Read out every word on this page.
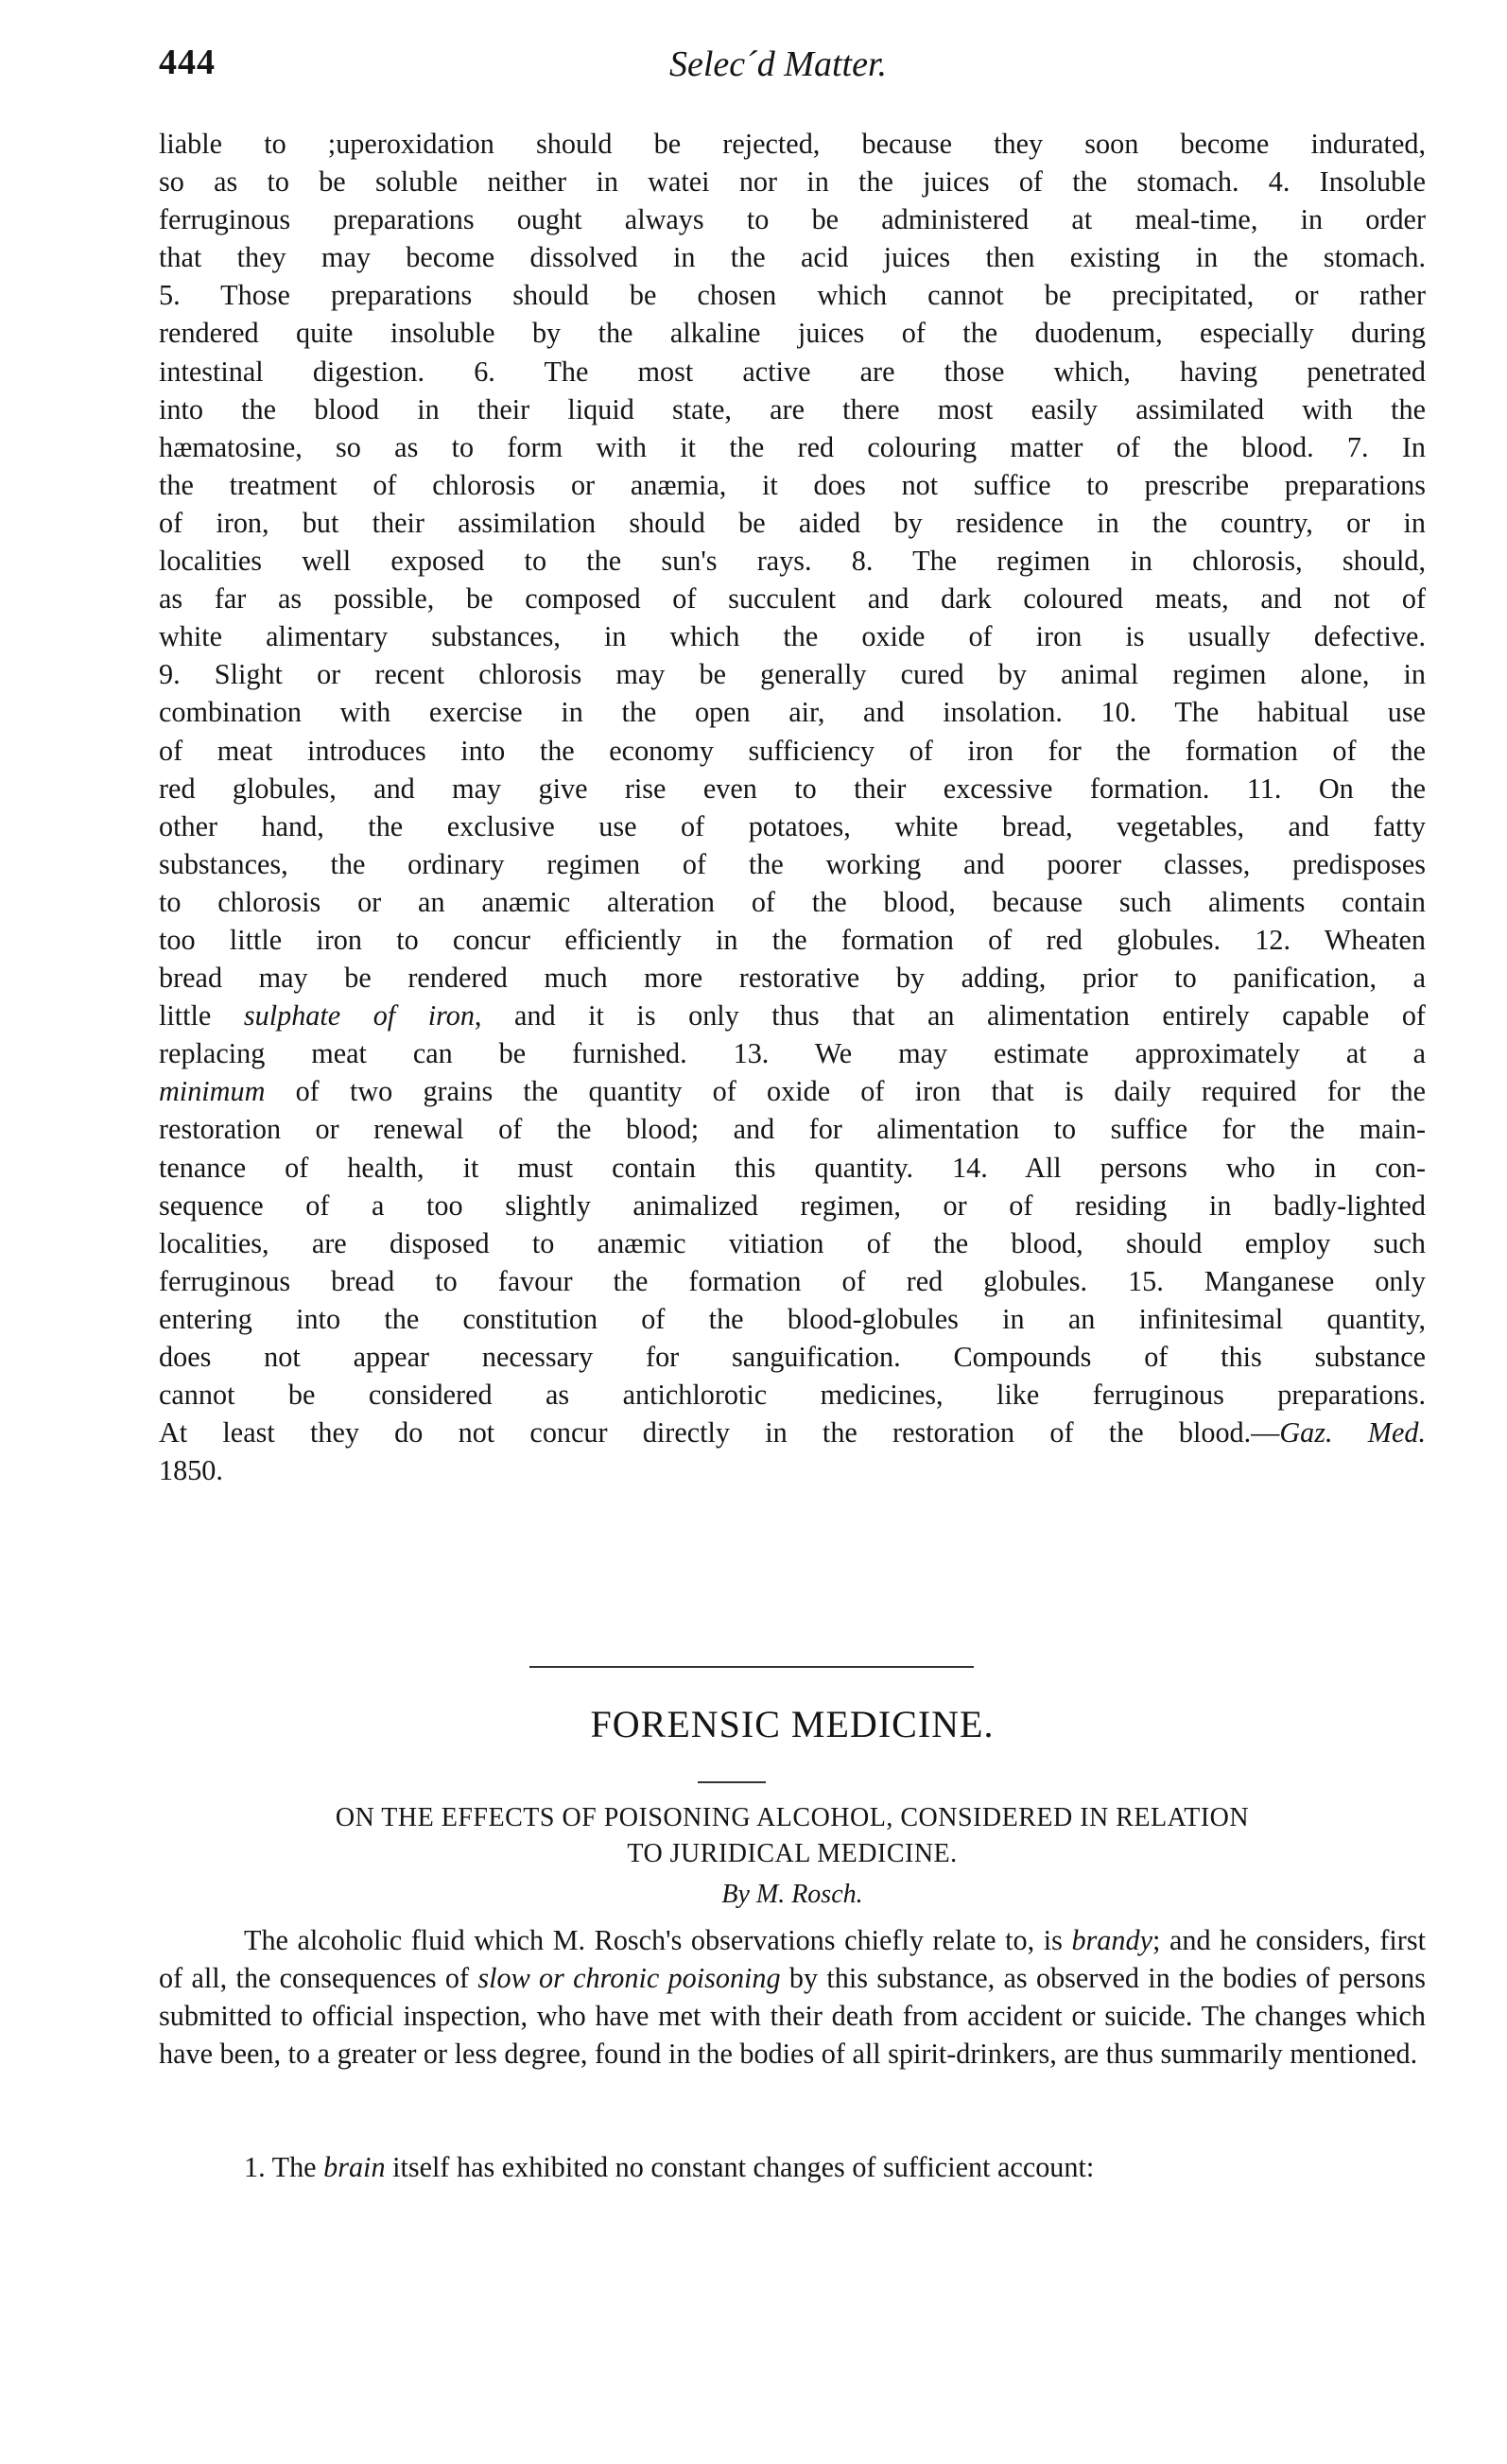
444	Selec´d Matter.

liable to ;uperoxidation should be rejected, because they soon become indurated,
so as to be soluble neither in watei nor in the juices of the stomach. 4. Insoluble
ferruginous preparations ought always to be administered at meal-time, in order
that they may become dissolved in the acid juices then existing in the stomach.
5. Those preparations should be chosen which cannot be precipitated, or rather
rendered quite insoluble by the alkaline juices of the duodenum, especially during
intestinal digestion. 6. The most active are those which, having penetrated
into the blood in their liquid state, are there most easily assimilated with the
hæmatosine, so as to form with it the red colouring matter of the blood. 7. In
the treatment of chlorosis or anæmia, it does not suffice to prescribe preparations
of iron, but their assimilation should be aided by residence in the country, or in
localities well exposed to the sun's rays. 8. The regimen in chlorosis, should,
as far as possible, be composed of succulent and dark coloured meats, and not of
white alimentary substances, in which the oxide of iron is usually defective.
9. Slight or recent chlorosis may be generally cured by animal regimen alone, in
combination with exercise in the open air, and insolation. 10. The habitual use
of meat introduces into the economy sufficiency of iron for the formation of the
red globules, and may give rise even to their excessive formation. 11. On the
other hand, the exclusive use of potatoes, white bread, vegetables, and fatty
substances, the ordinary regimen of the working and poorer classes, predisposes
to chlorosis or an anæmic alteration of the blood, because such aliments contain
too little iron to concur efficiently in the formation of red globules. 12. Wheaten
bread may be rendered much more restorative by adding, prior to panification, a

little sulphate of iron, and it is only thus that an alimentation entirely capable of

replacing meat can be furnished. 13. We may estimate approximately at a

minimum of two grains the quantity of oxide of iron that is daily required for the

restoration or renewal of the blood; and for alimentation to suffice for the main-
tenance of health, it must contain this quantity. 14. All persons who in con-
sequence of a too slightly animalized regimen, or of residing in badly-lighted
localities, are disposed to anæmic vitiation of the blood, should employ such
ferruginous bread to favour the formation of red globules. 15. Manganese only
entering into the constitution of the blood-globules in an infinitesimal quantity,
does not appear necessary for sanguification. Compounds of this substance
cannot be considered as antichlorotic medicines, like ferruginous preparations.

At least they do not concur directly in the restoration of the blood.—Gaz. Med.

1850.

FORENSIC MEDICINE.
ON THE EFFECTS OF POISONING ALCOHOL, CONSIDERED IN RELATION
TO JURIDICAL MEDICINE.
By M. Rosch.

The alcoholic fluid which M. Rosch's observations chiefly relate to, is brandy; and he considers, first of all, the consequences of slow or chronic poisoning by this substance, as observed in the bodies of persons submitted to official inspection, who have met with their death from accident or suicide. The changes which have been, to a greater or less degree, found in the bodies of all spirit-drinkers, are thus summarily mentioned.

1. The brain itself has exhibited no constant changes of sufficient account:
